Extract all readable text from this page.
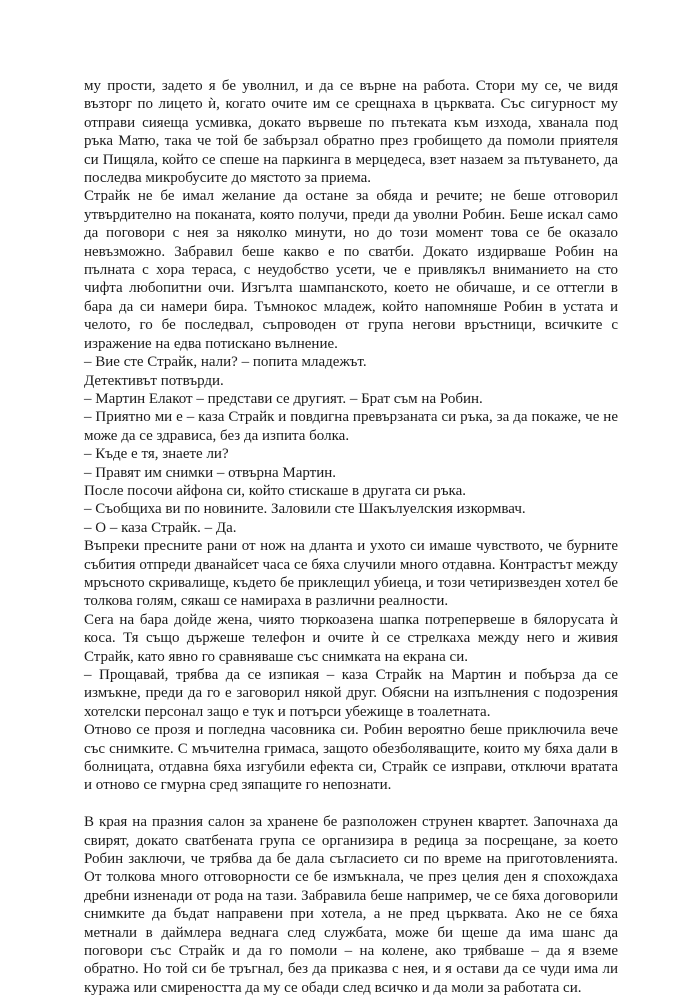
му прости, задето я бе уволнил, и да се върне на работа. Стори му се, че видя възторг по лицето ѝ, когато очите им се срещнаха в църквата. Със сигурност му отправи сияеща усмивка, докато вървеше по пътеката към изхода, хванала под ръка Матю, така че той бе забързал обратно през гробището да помоли приятеля си Пищяла, който се спеше на паркинга в мерцедеса, взет назаем за пътуването, да последва микробусите до мястото за приема.

Страйк не бе имал желание да остане за обяда и речите; не беше отговорил утвърдително на поканата, която получи, преди да уволни Робин. Беше искал само да поговори с нея за няколко минути, но до този момент това се бе оказало невъзможно. Забравил беше какво е по сватби. Докато издирваше Робин на пълната с хора тераса, с неудобство усети, че е привлякъл вниманието на сто чифта любопитни очи. Изгълта шампанското, което не обичаше, и се оттегли в бара да си намери бира. Тъмнокос младеж, който напомняше Робин в устата и челото, го бе последвал, съпроводен от група негови връстници, всичките с изражение на едва потискано вълнение.

– Вие сте Страйк, нали? – попита младежът.

Детективът потвърди.

– Мартин Елакот – представи се другият. – Брат съм на Робин.

– Приятно ми е – каза Страйк и повдигна превързаната си ръка, за да покаже, че не може да се здрависа, без да изпита болка.

– Къде е тя, знаете ли?

– Правят им снимки – отвърна Мартин.

После посочи айфона си, който стискаше в другата си ръка.

– Съобщиха ви по новините. Заловили сте Шакълуелския изкормвач.

– О – каза Страйк. – Да.

Въпреки пресните рани от нож на дланта и ухото си имаше чувството, че бурните събития отпреди дванайсет часа се бяха случили много отдавна. Контрастът между мръсното скривалище, където бе приклещил убиеца, и този четиризвезден хотел бе толкова голям, сякаш се намираха в различни реалности.

Сега на бара дойде жена, чиято тюркоазена шапка потрепервеше в бялорусата ѝ коса. Тя също държеше телефон и очите ѝ се стрелкаха между него и живия Страйк, като явно го сравняваше със снимката на екрана си.

– Прощавай, трябва да се изпикая – каза Страйк на Мартин и побърза да се измъкне, преди да го е заговорил някой друг. Обясни на изпълнения с подозрения хотелски персонал защо е тук и потърси убежище в тоалетната.

Отново се прозя и погледна часовника си. Робин вероятно беше приключила вече със снимките. С мъчителна гримаса, защото обезболяващите, които му бяха дали в болницата, отдавна бяха изгубили ефекта си, Страйк се изправи, отключи вратата и отново се гмурна сред зяпащите го непознати.

В края на празния салон за хранене бе разположен струнен квартет. Започнаха да свирят, докато сватбената група се организира в редица за посрещане, за което Робин заключи, че трябва да бе дала съгласието си по време на приготовленията. От толкова много отговорности се бе измъкнала, че през целия ден я спохождаха дребни изненади от рода на тази. Забравила беше например, че се бяха договорили снимките да бъдат направени при хотела, а не пред църквата. Ако не се бяха метнали в даймлера веднага след службата, може би щеше да има шанс да поговори със Страйк и да го помоли – на колене, ако трябваше – да я вземе обратно. Но той си бе тръгнал, без да приказва с нея, и я остави да се чуди има ли куража или смиреността да му се обади след всичко и да моли за работата си.
